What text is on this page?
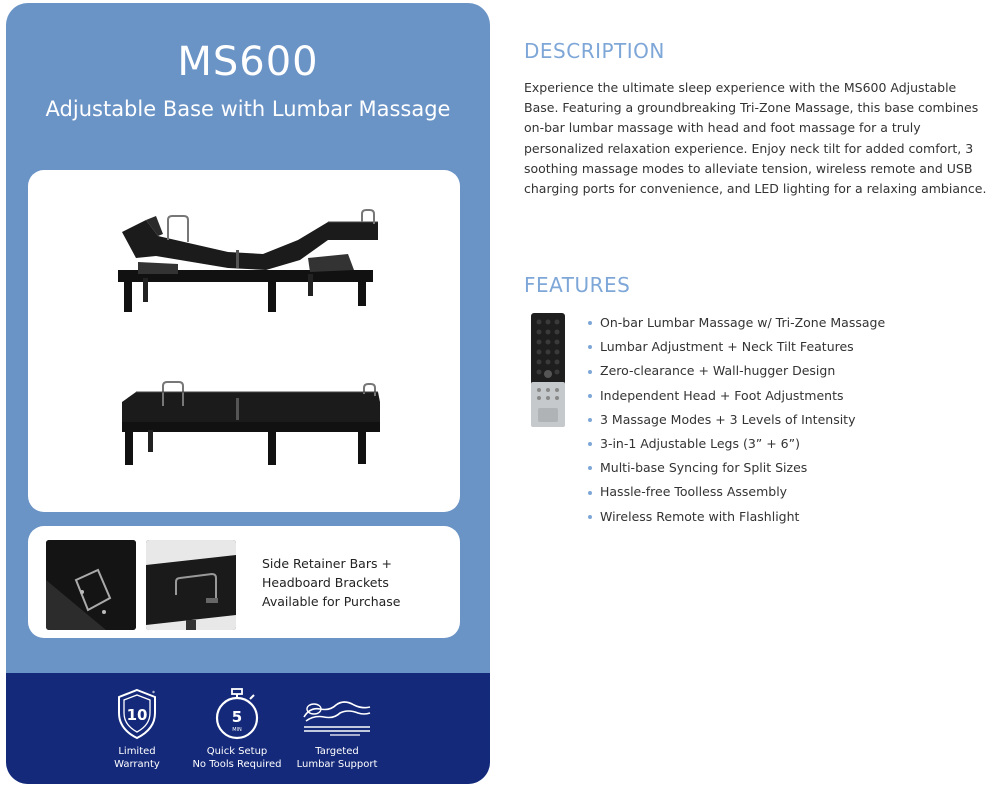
MS600
Adjustable Base with Lumbar Massage
Side Retainer Bars +
Headboard Brackets
Available for Purchase
10
*
Limited
Warranty
5
MIN
Quick Setup
No Tools Required
Targeted
Lumbar Support
DESCRIPTION
Experience the ultimate sleep experience with the MS600 Adjustable Base. Featuring a groundbreaking Tri-Zone Massage, this base combines on-bar lumbar massage with head and foot massage for a truly personalized relaxation experience. Enjoy neck tilt for added comfort, 3 soothing massage modes to alleviate tension, wireless remote and USB charging ports for convenience, and LED lighting for a relaxing ambiance.
FEATURES
On-bar Lumbar Massage w/ Tri-Zone Massage
Lumbar Adjustment + Neck Tilt Features
Zero-clearance + Wall-hugger Design
Independent Head + Foot Adjustments
3 Massage Modes + 3 Levels of Intensity
3-in-1 Adjustable Legs (3” + 6”)
Multi-base Syncing for Split Sizes
Hassle-free Toolless Assembly
Wireless Remote with Flashlight
